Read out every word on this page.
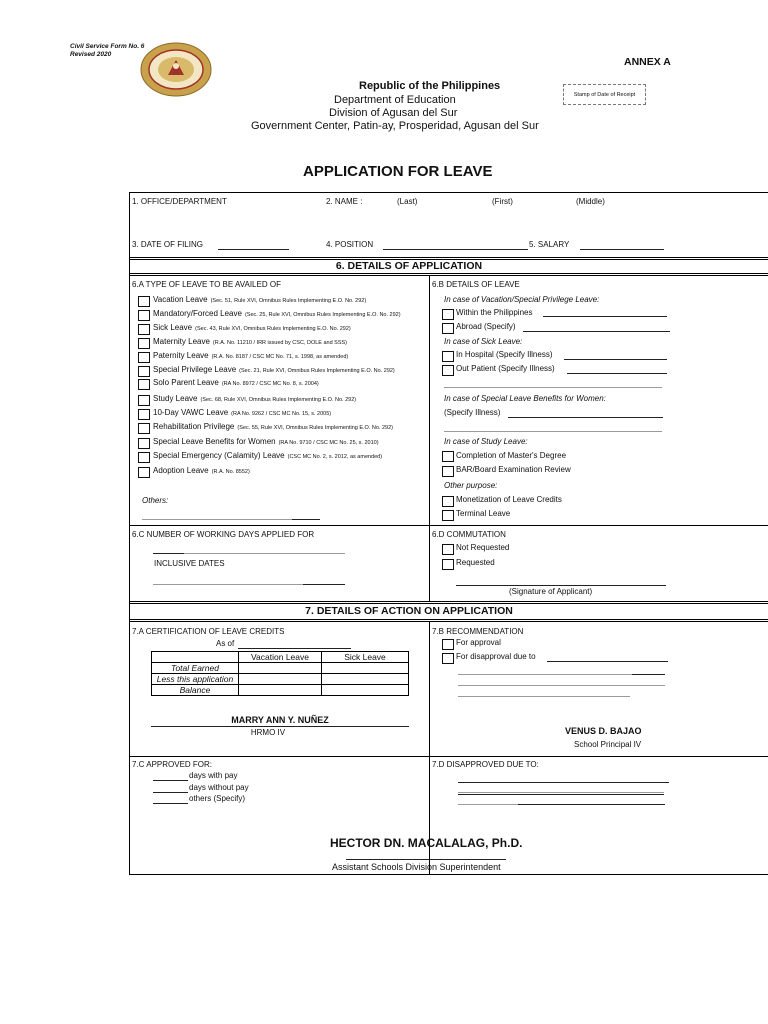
Civil Service Form No. 6
Revised 2020
ANNEX A
Republic of the Philippines
Department of Education
Division of Agusan del Sur
Government Center, Patin-ay, Prosperidad, Agusan del Sur
Stamp of Date of Receipt
APPLICATION FOR LEAVE
1. OFFICE/DEPARTMENT	2. NAME :	(Last)	(First)	(Middle)
3. DATE OF FILING	4. POSITION	5. SALARY
6. DETAILS OF APPLICATION
6.A TYPE OF LEAVE TO BE AVAILED OF
Vacation Leave (Sec. 51, Rule XVI, Omnibus Rules Implementing E.O. No. 292)
Mandatory/Forced Leave (Sec. 25, Rule XVI, Omnibus Rules Implementing E.O. No. 292)
Sick Leave (Sec. 43, Rule XVI, Omnibus Rules Implementing E.O. No. 292)
Maternity Leave (R.A. No. 11210 / IRR issued by CSC, DOLE and SSS)
Paternity Leave (R.A. No. 8187 / CSC MC No. 71, s. 1998, as amended)
Special Privilege Leave (Sec. 21, Rule XVI, Omnibus Rules Implementing E.O. No. 292)
Solo Parent Leave (RA No. 8972 / CSC MC No. 8, s. 2004)
Study Leave (Sec. 68, Rule XVI, Omnibus Rules Implementing E.O. No. 292)
10-Day VAWC Leave (RA No. 9262 / CSC MC No. 15, s. 2005)
Rehabilitation Privilege (Sec. 55, Rule XVI, Omnibus Rules Implementing E.O. No. 292)
Special Leave Benefits for Women (RA No. 9710 / CSC MC No. 25, s. 2010)
Special Emergency (Calamity) Leave (CSC MC No. 2, s. 2012, as amended)
Adoption Leave (R.A. No. 8552)
Others:
6.B DETAILS OF LEAVE
In case of Vacation/Special Privilege Leave:
Within the Philippines
Abroad (Specify)
In case of Sick Leave:
In Hospital (Specify Illness)
Out Patient (Specify Illness)
In case of Special Leave Benefits for Women:
(Specify Illness)
In case of Study Leave:
Completion of Master's Degree
BAR/Board Examination Review
Other purpose:
Monetization of Leave Credits
Terminal Leave
6.C NUMBER OF WORKING DAYS APPLIED FOR
INCLUSIVE DATES
6.D COMMUTATION
Not Requested
Requested
(Signature of Applicant)
7. DETAILS OF ACTION ON APPLICATION
7.A CERTIFICATION OF LEAVE CREDITS
As of
	Vacation Leave	Sick Leave
Total Earned		
Less this application		
Balance		
MARRY ANN Y. NUÑEZ
HRMO IV
7.B RECOMMENDATION
For approval
For disapproval due to
VENUS D. BAJAO
School Principal IV
7.C APPROVED FOR:
days with pay
days without pay
others (Specify)
7.D DISAPPROVED DUE TO:
HECTOR DN. MACALALAG, Ph.D.
Assistant Schools Division Superintendent
